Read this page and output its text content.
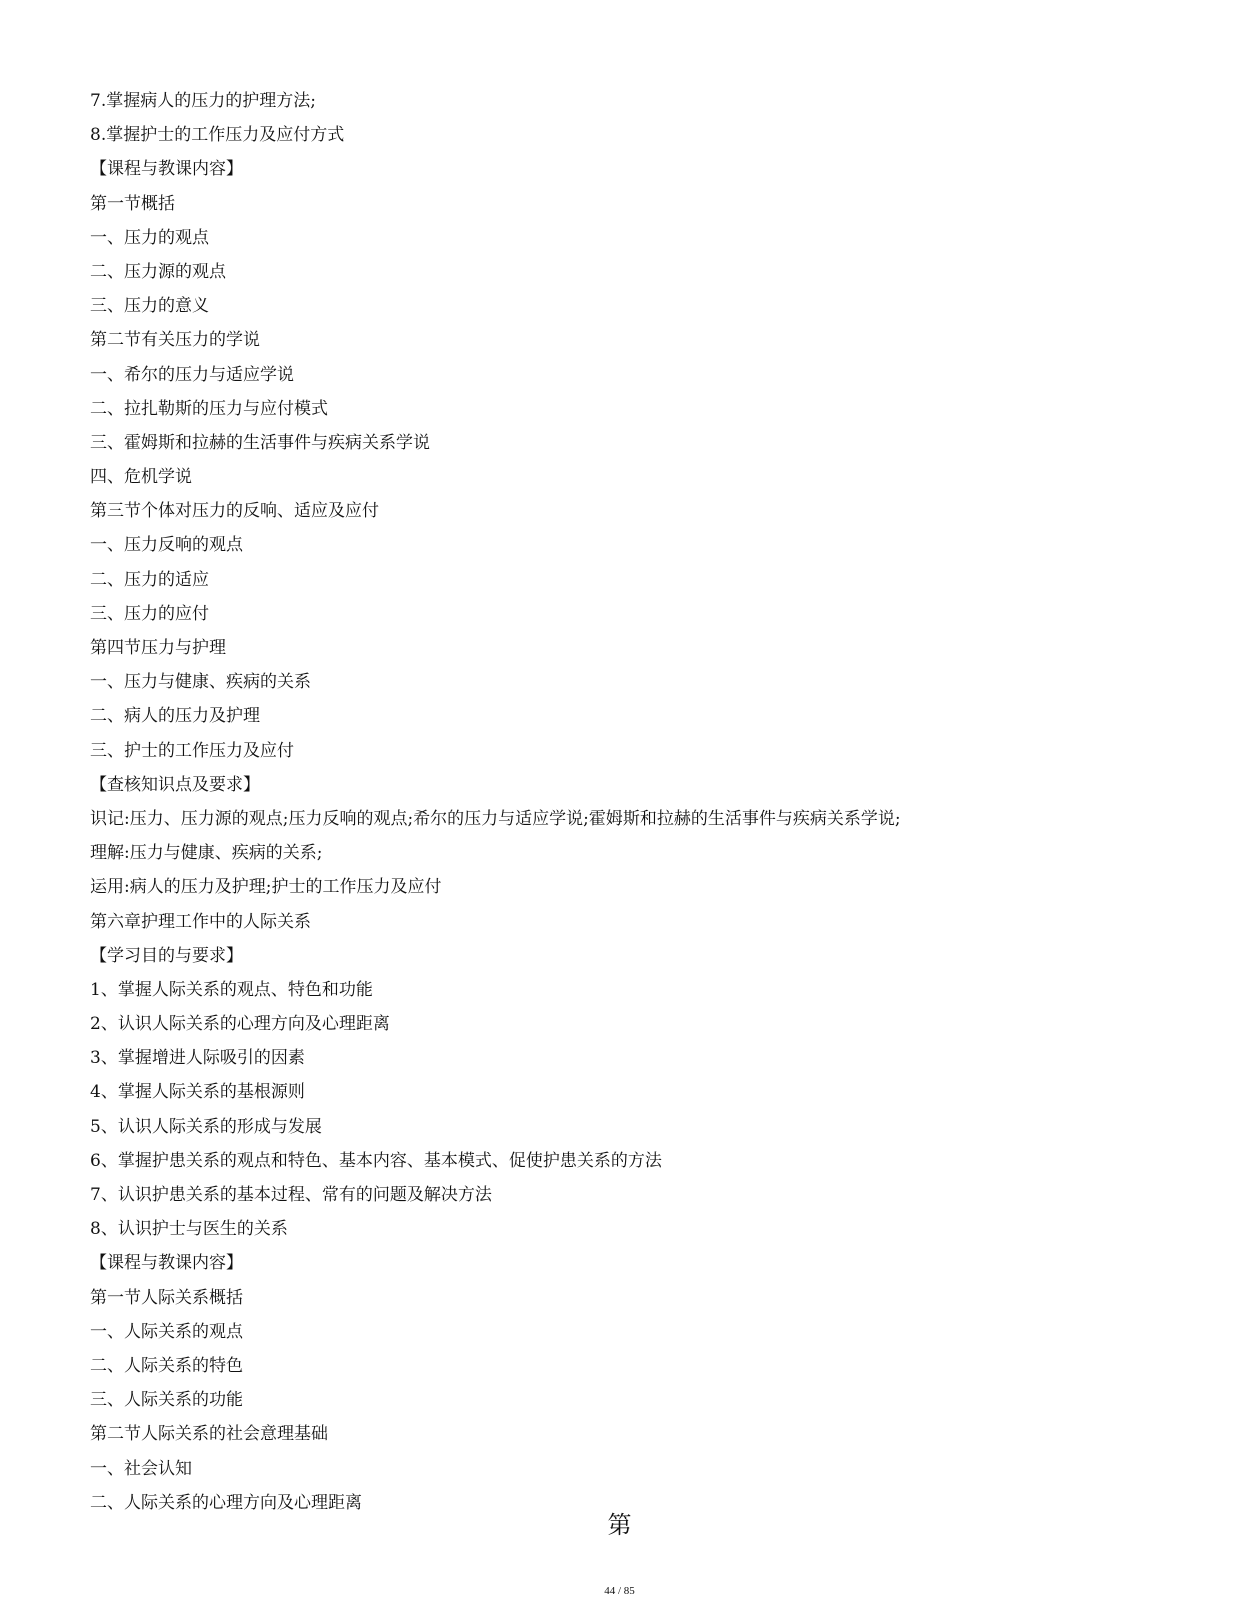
7.掌握病人的压力的护理方法;
8.掌握护士的工作压力及应付方式
【课程与教课内容】
第一节概括
一、压力的观点
二、压力源的观点
三、压力的意义
第二节有关压力的学说
一、希尔的压力与适应学说
二、拉扎勒斯的压力与应付模式
三、霍姆斯和拉赫的生活事件与疾病关系学说
四、危机学说
第三节个体对压力的反响、适应及应付
一、压力反响的观点
二、压力的适应
三、压力的应付
第四节压力与护理
一、压力与健康、疾病的关系
二、病人的压力及护理
三、护士的工作压力及应付
【查核知识点及要求】
识记:压力、压力源的观点;压力反响的观点;希尔的压力与适应学说;霍姆斯和拉赫的生活事件与疾病关系学说;
理解:压力与健康、疾病的关系;
运用:病人的压力及护理;护士的工作压力及应付
第六章护理工作中的人际关系
【学习目的与要求】
1、掌握人际关系的观点、特色和功能
2、认识人际关系的心理方向及心理距离
3、掌握增进人际吸引的因素
4、掌握人际关系的基根源则
5、认识人际关系的形成与发展
6、掌握护患关系的观点和特色、基本内容、基本模式、促使护患关系的方法
7、认识护患关系的基本过程、常有的问题及解决方法
8、认识护士与医生的关系
【课程与教课内容】
第一节人际关系概括
一、人际关系的观点
二、人际关系的特色
三、人际关系的功能
第二节人际关系的社会意理基础
一、社会认知
二、人际关系的心理方向及心理距离
第
44 / 85
